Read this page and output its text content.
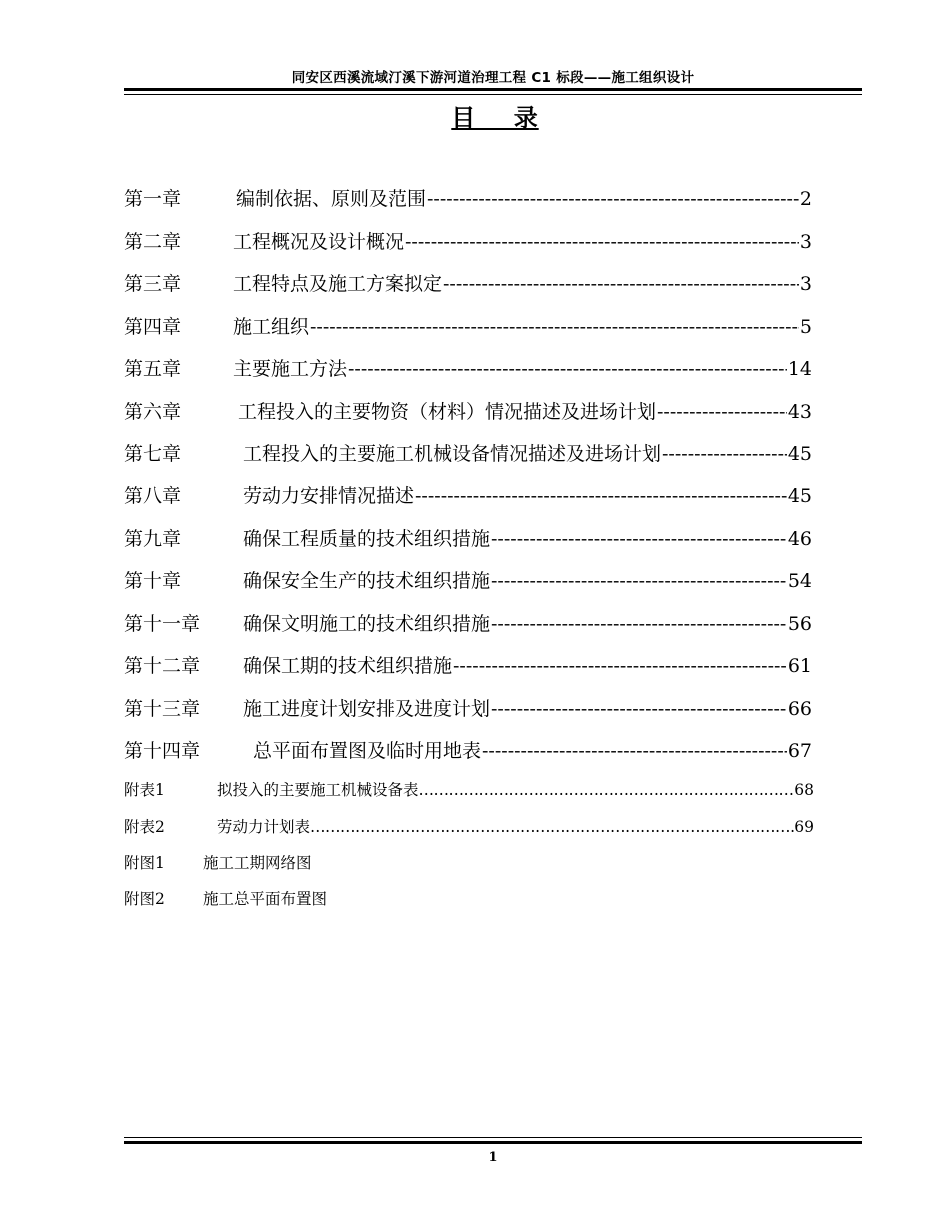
同安区西溪流域汀溪下游河道治理工程 C1 标段——施工组织设计
目    录
第一章	编制依据、原则及范围 -----	2
第二章	工程概况及设计概况 -----	3
第三章	工程特点及施工方案拟定 -----	3
第四章	施工组织 -----	5
第五章	主要施工方法 -----	14
第六章	工程投入的主要物资（材料）情况描述及进场计划 -----	43
第七章	工程投入的主要施工机械设备情况描述及进场计划 -----	45
第八章	劳动力安排情况描述 -----	45
第九章	确保工程质量的技术组织措施 -----	46
第十章	确保安全生产的技术组织措施 -----	54
第十一章	确保文明施工的技术组织措施 -----	56
第十二章	确保工期的技术组织措施 -----	61
第十三章	施工进度计划安排及进度计划 -----	66
第十四章	总平面布置图及临时用地表 -----	67
附表1	拟投入的主要施工机械设备表 …………………………………………………………………………………………………………………………………………………………	68
附表2	劳动力计划表 …………………………………………………………………………………………………………………………………………………………	69
附图1	施工工期网络图
附图2	施工总平面布置图
1
